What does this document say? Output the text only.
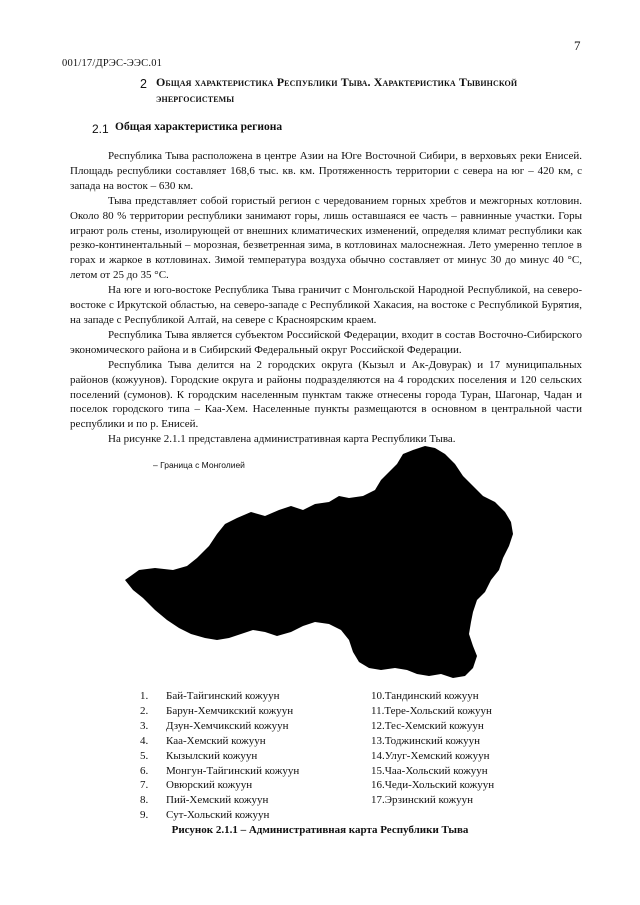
7
001/17/ДРЭС-ЭЭС.01
2 Общая характеристика Республики Тыва. Характеристика Тывинской энергосистемы
2.1 Общая характеристика региона

Республика Тыва расположена в центре Азии на Юге Восточной Сибири, в верховьях реки Енисей. Площадь республики составляет 168,6 тыс. кв. км. Протяженность территории с севера на юг – 420 км, с запада на восток – 630 км.

Тыва представляет собой гористый регион с чередованием горных хребтов и межгорных котловин. Около 80 % территории республики занимают горы, лишь оставшаяся ее часть – равнинные участки. Горы играют роль стены, изолирующей от внешних климатических изменений, определяя климат республики как резко-континентальный – морозная, безветренная зима, в котловинах малоснежная. Лето умеренно теплое в горах и жаркое в котловинах. Зимой температура воздуха обычно составляет от минус 30 до минус 40 °С, летом от 25 до 35 °С.

На юге и юго-востоке Республика Тыва граничит с Монгольской Народной Республикой, на северо-востоке с Иркутской областью, на северо-западе с Республикой Хакасия, на востоке с Республикой Бурятия, на западе с Республикой Алтай, на севере с Красноярским краем.

Республика Тыва является субъектом Российской Федерации, входит в состав Восточно-Сибирского экономического района и в Сибирский Федеральный округ Российской Федерации.

Республика Тыва делится на 2 городских округа (Кызыл и Ак-Довурак) и 17 муниципальных районов (кожуунов). Городские округа и районы подразделяются на 4 городских поселения и 120 сельских поселений (сумонов). К городским населенным пунктам также отнесены города Туран, Шагонар, Чадан и поселок городского типа – Каа-Хем. Населенные пункты размещаются в основном в центральной части республики и по р. Енисей.

На рисунке 2.1.1 представлена административная карта Республики Тыва.

– Граница с Монголией
1. Бай-Тайгинский кожуун
2. Барун-Хемчикский кожуун
3. Дзун-Хемчикский кожуун
4. Каа-Хемский кожуун
5. Кызылский кожуун
6. Монгун-Тайгинский кожуун
7. Овюрский кожуун
8. Пий-Хемский кожуун
9. Сут-Хольский кожуун
10.Тандинский кожуун
11.Тере-Хольский кожуун
12.Тес-Хемский кожуун
13.Тоджинский кожуун
14.Улуг-Хемский кожуун
15.Чаа-Хольский кожуун
16.Чеди-Хольский кожуун
17.Эрзинский кожуун
Рисунок 2.1.1 – Административная карта Республики Тыва
